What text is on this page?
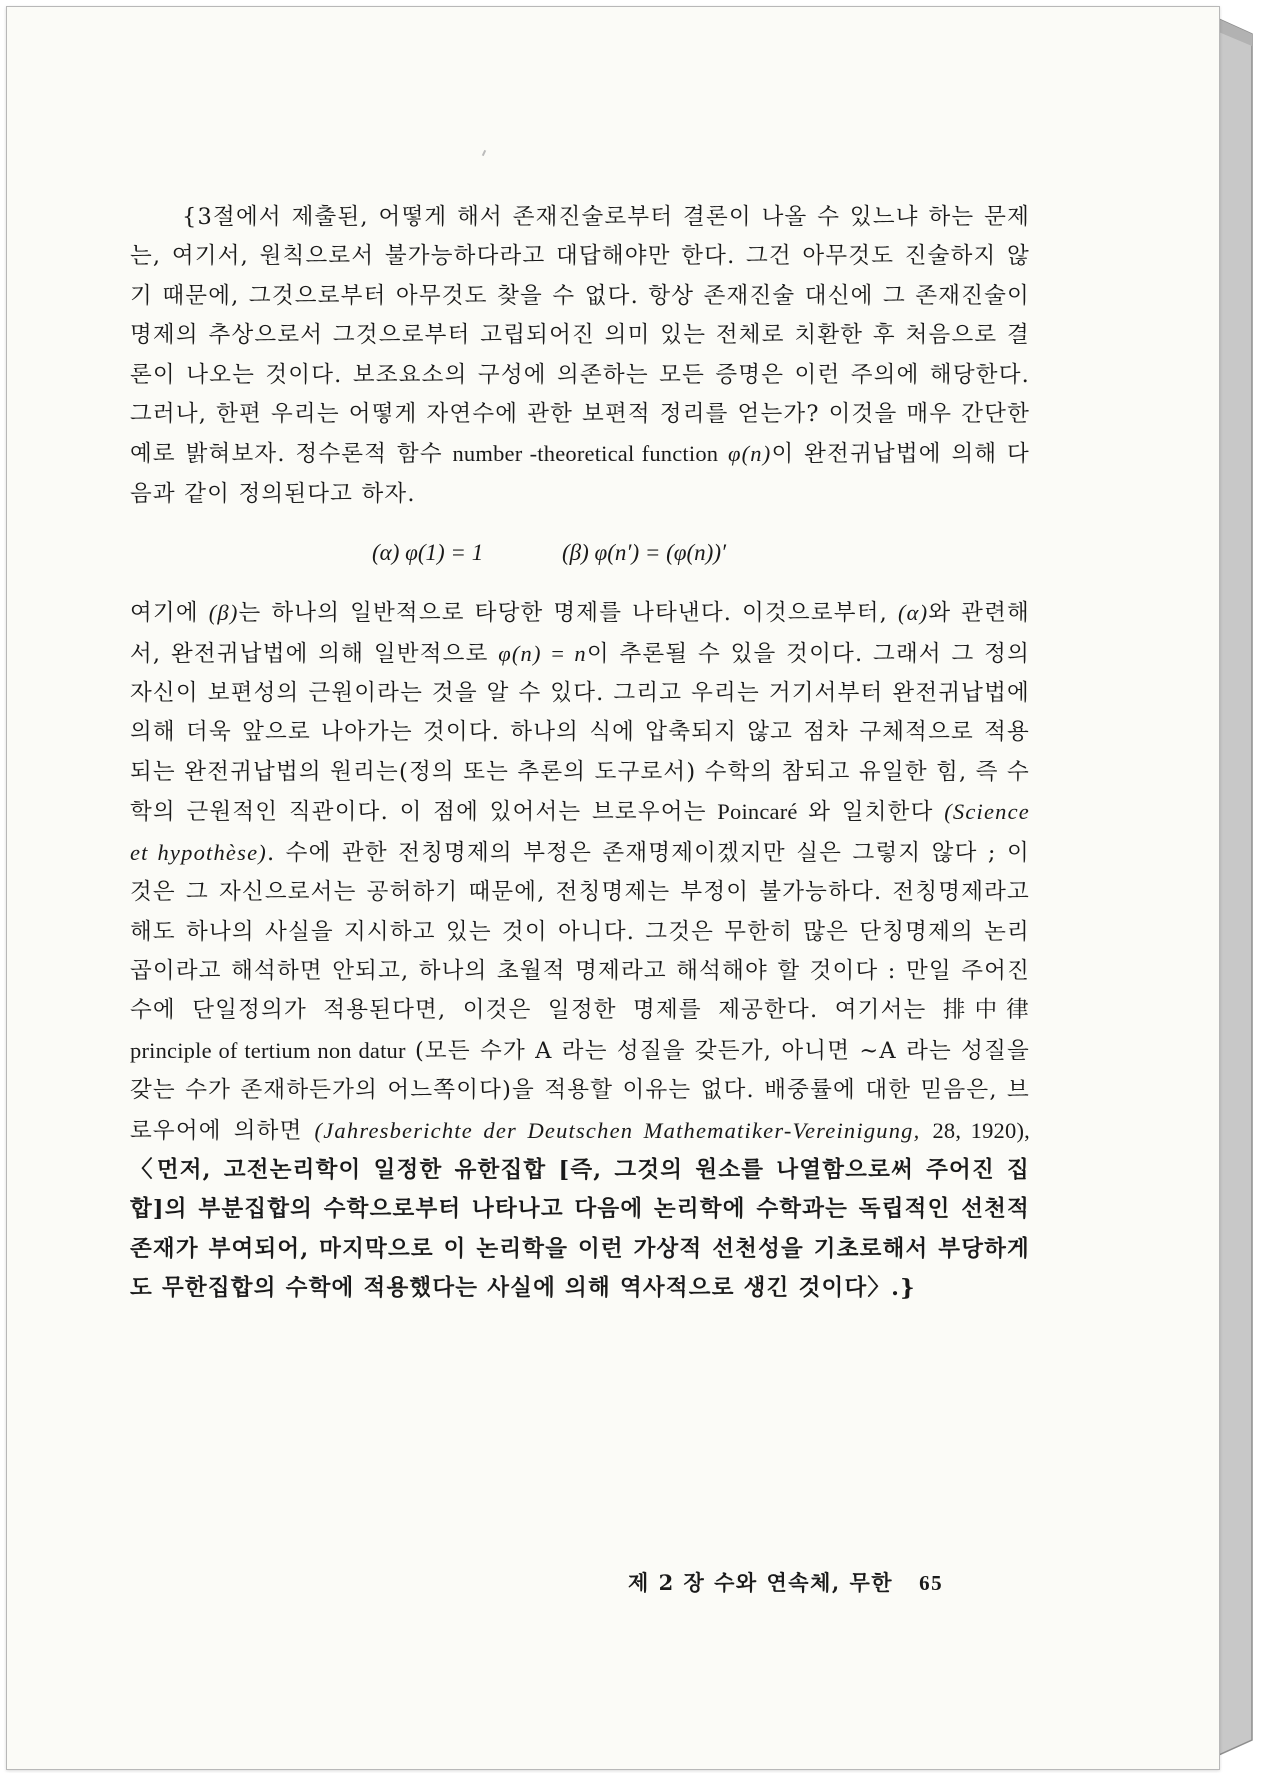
{3절에서 제출된, 어떻게 해서 존재진술로부터 결론이 나올 수 있느냐 하는 문제는, 여기서, 원칙으로서 불가능하다라고 대답해야만 한다. 그건 아무것도 진술하지 않기 때문에, 그것으로부터 아무것도 찾을 수 없다. 항상 존재진술 대신에 그 존재진술이 명제의 추상으로서 그것으로부터 고립되어진 의미 있는 전체로 치환한 후 처음으로 결론이 나오는 것이다. 보조요소의 구성에 의존하는 모든 증명은 이런 주의에 해당한다. 그러나, 한편 우리는 어떻게 자연수에 관한 보편적 정리를 얻는가? 이것을 매우 간단한 예로 밝혀보자. 정수론적 함수 number -theoretical function φ(n)이 완전귀납법에 의해 다음과 같이 정의된다고 하자.

(α) φ(1) = 1	(β) φ(n′) = (φ(n))′

여기에 (β)는 하나의 일반적으로 타당한 명제를 나타낸다. 이것으로부터, (α)와 관련해서, 완전귀납법에 의해 일반적으로 φ(n) = n이 추론될 수 있을 것이다. 그래서 그 정의 자신이 보편성의 근원이라는 것을 알 수 있다. 그리고 우리는 거기서부터 완전귀납법에 의해 더욱 앞으로 나아가는 것이다. 하나의 식에 압축되지 않고 점차 구체적으로 적용되는 완전귀납법의 원리는(정의 또는 추론의 도구로서) 수학의 참되고 유일한 힘, 즉 수학의 근원적인 직관이다. 이 점에 있어서는 브로우어는 Poincaré 와 일치한다 (Science et hypothèse). 수에 관한 전칭명제의 부정은 존재명제이겠지만 실은 그렇지 않다 ; 이것은 그 자신으로서는 공허하기 때문에, 전칭명제는 부정이 불가능하다. 전칭명제라고 해도 하나의 사실을 지시하고 있는 것이 아니다. 그것은 무한히 많은 단칭명제의 논리곱이라고 해석하면 안되고, 하나의 초월적 명제라고 해석해야 할 것이다 : 만일 주어진 수에 단일정의가 적용된다면, 이것은 일정한 명제를 제공한다. 여기서는 排中律 principle of tertium non datur (모든 수가 A 라는 성질을 갖든가, 아니면 ~A 라는 성질을 갖는 수가 존재하든가의 어느쪽이다)을 적용할 이유는 없다. 배중률에 대한 믿음은, 브로우어에 의하면 (Jahresberichte der Deutschen Mathematiker-Vereinigung, 28, 1920), 〈먼저, 고전논리학이 일정한 유한집합 [즉, 그것의 원소를 나열함으로써 주어진 집합]의 부분집합의 수학으로부터 나타나고 다음에 논리학에 수학과는 독립적인 선천적 존재가 부여되어, 마지막으로 이 논리학을 이런 가상적 선천성을 기초로해서 부당하게도 무한집합의 수학에 적용했다는 사실에 의해 역사적으로 생긴 것이다〉.}

제 2 장 수와 연속체, 무한 65
